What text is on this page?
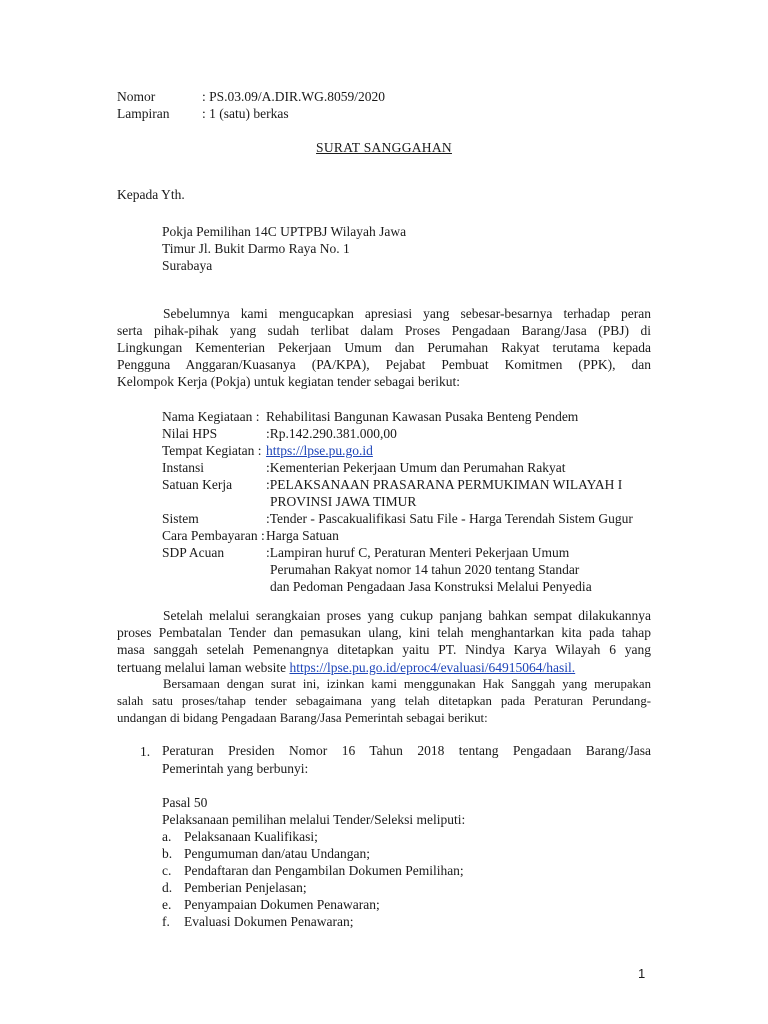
Nomor	: PS.03.09/A.DIR.WG.8059/2020
Lampiran : 1 (satu) berkas
SURAT SANGGAHAN
Kepada Yth.
Pokja Pemilihan 14C UPTPBJ Wilayah Jawa
Timur Jl. Bukit Darmo Raya No. 1
Surabaya
Sebelumnya kami mengucapkan apresiasi yang sebesar-besarnya terhadap peran
serta pihak-pihak yang sudah terlibat dalam Proses Pengadaan Barang/Jasa (PBJ) di
Lingkungan Kementerian Pekerjaan Umum dan Perumahan Rakyat terutama kepada
Pengguna Anggaran/Kuasanya (PA/KPA), Pejabat Pembuat Komitmen (PPK), dan
Kelompok Kerja (Pokja) untuk kegiatan tender sebagai berikut:
Nama Kegiataan : Rehabilitasi Bangunan Kawasan Pusaka Benteng Pendem
Nilai HPS	:Rp.142.290.381.000,00
Tempat Kegiatan : https://lpse.pu.go.id
Instansi	:Kementerian Pekerjaan Umum dan Perumahan Rakyat
Satuan Kerja	:PELAKSANAAN PRASARANA PERMUKIMAN WILAYAH I
PROVINSI JAWA TIMUR
Sistem	:Tender - Pascakualifikasi Satu File - Harga Terendah Sistem Gugur
Cara Pembayaran : Harga Satuan
SDP Acuan	:Lampiran huruf C, Peraturan Menteri Pekerjaan Umum
Perumahan Rakyat nomor 14 tahun 2020 tentang Standar
dan Pedoman Pengadaan Jasa Konstruksi Melalui Penyedia
Setelah melalui serangkaian proses yang cukup panjang bahkan sempat dilakukannya
proses Pembatalan Tender dan pemasukan ulang, kini telah menghantarkan kita pada tahap
masa sanggah setelah Pemenangnya ditetapkan yaitu PT. Nindya Karya Wilayah 6 yang
tertuang melalui laman website https://lpse.pu.go.id/eproc4/evaluasi/64915064/hasil.
Bersamaan dengan surat ini, izinkan kami menggunakan Hak Sanggah yang merupakan
salah satu proses/tahap tender sebagaimana yang telah ditetapkan pada Peraturan Perundang-
undangan di bidang Pengadaan Barang/Jasa Pemerintah sebagai berikut:
1. Peraturan Presiden Nomor 16 Tahun 2018 tentang Pengadaan Barang/Jasa
Pemerintah yang berbunyi:
Pasal 50
Pelaksanaan pemilihan melalui Tender/Seleksi meliputi:
a. Pelaksanaan Kualifikasi;
b. Pengumuman dan/atau Undangan;
c. Pendaftaran dan Pengambilan Dokumen Pemilihan;
d. Pemberian Penjelasan;
e. Penyampaian Dokumen Penawaran;
f. Evaluasi Dokumen Penawaran;
1
